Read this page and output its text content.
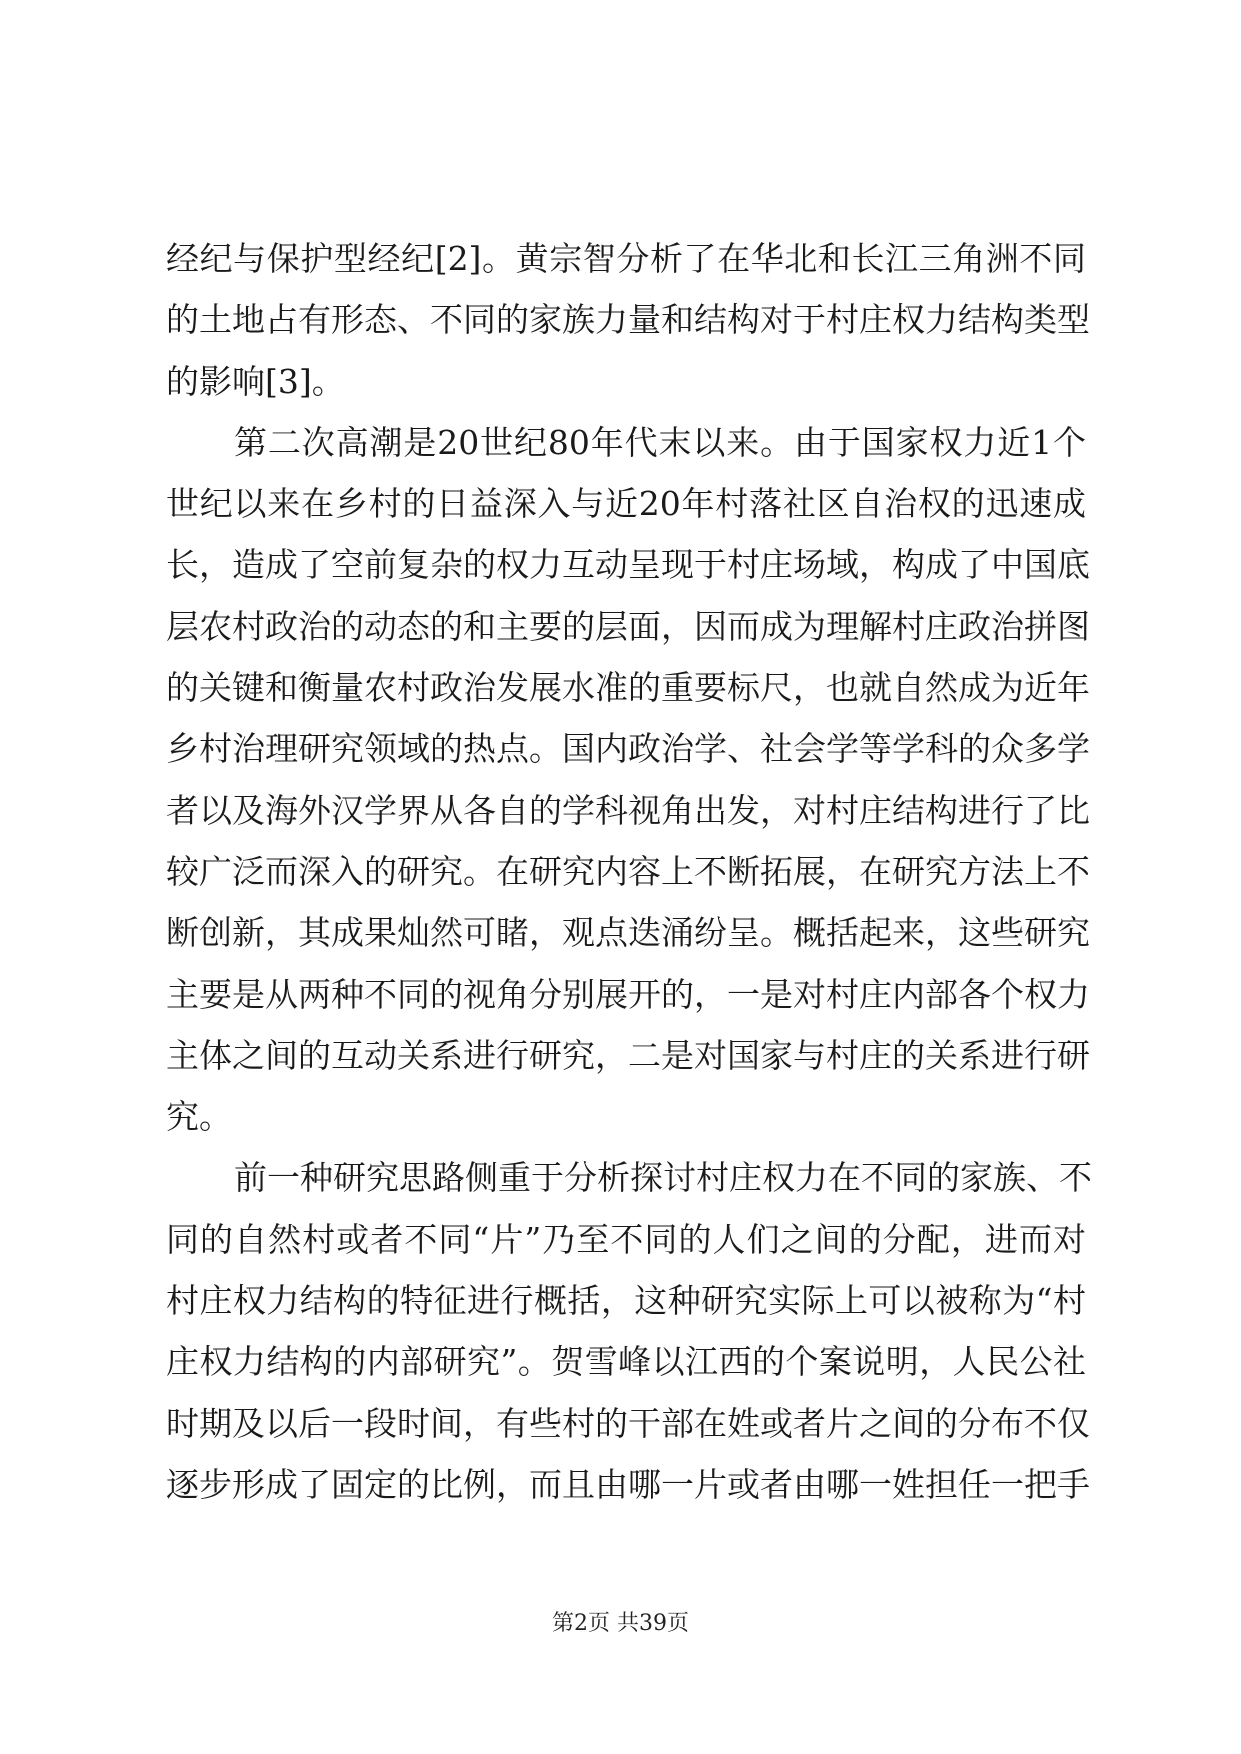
经纪与保护型经纪[2]。黄宗智分析了在华北和长江三角洲不同
的土地占有形态、不同的家族力量和结构对于村庄权力结构类型
的影响[3]。
第二次高潮是20世纪80年代末以来。由于国家权力近1个
世纪以来在乡村的日益深入与近20年村落社区自治权的迅速成
长，造成了空前复杂的权力互动呈现于村庄场域，构成了中国底
层农村政治的动态的和主要的层面，因而成为理解村庄政治拼图
的关键和衡量农村政治发展水准的重要标尺，也就自然成为近年
乡村治理研究领域的热点。国内政治学、社会学等学科的众多学
者以及海外汉学界从各自的学科视角出发，对村庄结构进行了比
较广泛而深入的研究。在研究内容上不断拓展，在研究方法上不
断创新，其成果灿然可睹，观点迭涌纷呈。概括起来，这些研究
主要是从两种不同的视角分别展开的，一是对村庄内部各个权力
主体之间的互动关系进行研究，二是对国家与村庄的关系进行研
究。
前一种研究思路侧重于分析探讨村庄权力在不同的家族、不
同的自然村或者不同“片”乃至不同的人们之间的分配，进而对
村庄权力结构的特征进行概括，这种研究实际上可以被称为“村
庄权力结构的内部研究”。贺雪峰以江西的个案说明，人民公社
时期及以后一段时间，有些村的干部在姓或者片之间的分布不仅
逐步形成了固定的比例，而且由哪一片或者由哪一姓担任一把手
第2页 共39页
